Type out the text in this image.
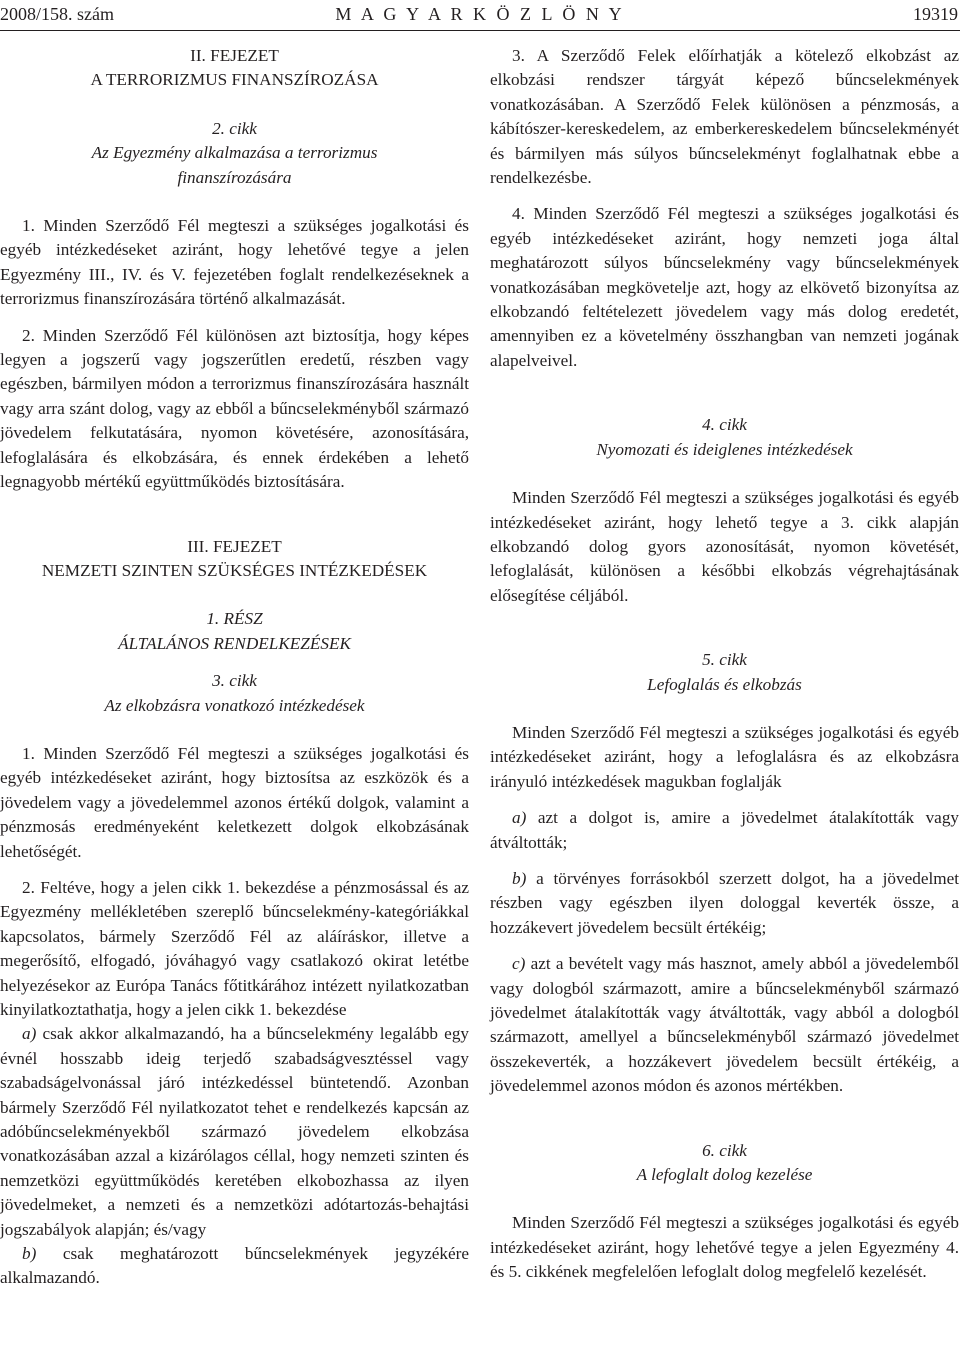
2008/158. szám	M A G Y A R K Ö Z L Ö N Y	19319

II. FEJEZET

A TERRORIZMUS FINANSZÍROZÁSA

2. cikk

Az Egyezmény alkalmazása a terrorizmus finanszírozására

1. Minden Szerződő Fél megteszi a szükséges jogalkotási és egyéb intézkedéseket aziránt, hogy lehetővé tegye a jelen Egyezmény III., IV. és V. fejezetében foglalt rendelkezéseknek a terrorizmus finanszírozására történő alkalmazását.

2. Minden Szerződő Fél különösen azt biztosítja, hogy képes legyen a jogszerű vagy jogszerűtlen eredetű, részben vagy egészben, bármilyen módon a terrorizmus finanszírozására használt vagy arra szánt dolog, vagy az ebből a bűncselekményből származó jövedelem felkutatására, nyomon követésére, azonosítására, lefoglalására és elkobzására, és ennek érdekében a lehető legnagyobb mértékű együttműködés biztosítására.

III. FEJEZET

NEMZETI SZINTEN SZÜKSÉGES INTÉZKEDÉSEK

1. RÉSZ

ÁLTALÁNOS RENDELKEZÉSEK

3. cikk

Az elkobzásra vonatkozó intézkedések

1. Minden Szerződő Fél megteszi a szükséges jogalkotási és egyéb intézkedéseket aziránt, hogy biztosítsa az eszközök és a jövedelem vagy a jövedelemmel azonos értékű dolgok, valamint a pénzmosás eredményeként keletkezett dolgok elkobzásának lehetőségét.

2. Feltéve, hogy a jelen cikk 1. bekezdése a pénzmosással és az Egyezmény mellékletében szereplő bűncselekmény-kategóriákkal kapcsolatos, bármely Szerződő Fél az aláíráskor, illetve a megerősítő, elfogadó, jóváhagyó vagy csatlakozó okirat letétbe helyezésekor az Európa Tanács főtitkárához intézett nyilatkozatban kinyilatkoztathatja, hogy a jelen cikk 1. bekezdése

a) csak akkor alkalmazandó, ha a bűncselekmény legalább egy évnél hosszabb ideig terjedő szabadságvesztéssel vagy szabadságelvonással járó intézkedéssel büntetendő. Azonban bármely Szerződő Fél nyilatkozatot tehet e rendelkezés kapcsán az adóbűncselekményekből származó jövedelem elkobzása vonatkozásában azzal a kizárólagos céllal, hogy nemzeti szinten és nemzetközi együttműködés keretében elkobozhassa az ilyen jövedelmeket, a nemzeti és a nemzetközi adótartozás-behajtási jogszabályok alapján; és/vagy

b) csak meghatározott bűncselekmények jegyzékére alkalmazandó.

3. A Szerződő Felek előírhatják a kötelező elkobzást az elkobzási rendszer tárgyát képező bűncselekmények vonatkozásában. A Szerződő Felek különösen a pénzmosás, a kábítószer-kereskedelem, az emberkereskedelem bűncselekményét és bármilyen más súlyos bűncselekményt foglalhatnak ebbe a rendelkezésbe.

4. Minden Szerződő Fél megteszi a szükséges jogalkotási és egyéb intézkedéseket aziránt, hogy nemzeti joga által meghatározott súlyos bűncselekmény vagy bűncselekmények vonatkozásában megkövetelje azt, hogy az elkövető bizonyítsa az elkobzandó feltételezett jövedelem vagy más dolog eredetét, amennyiben ez a követelmény összhangban van nemzeti jogának alapelveivel.

4. cikk

Nyomozati és ideiglenes intézkedések

Minden Szerződő Fél megteszi a szükséges jogalkotási és egyéb intézkedéseket aziránt, hogy lehető tegye a 3. cikk alapján elkobzandó dolog gyors azonosítását, nyomon követését, lefoglalását, különösen a későbbi elkobzás végrehajtásának elősegítése céljából.

5. cikk

Lefoglalás és elkobzás

Minden Szerződő Fél megteszi a szükséges jogalkotási és egyéb intézkedéseket aziránt, hogy a lefoglalásra és az elkobzásra irányuló intézkedések magukban foglalják

a) azt a dolgot is, amire a jövedelmet átalakították vagy átváltották;

b) a törvényes forrásokból szerzett dolgot, ha a jövedelmet részben vagy egészben ilyen dologgal keverték össze, a hozzákevert jövedelem becsült értékéig;

c) azt a bevételt vagy más hasznot, amely abból a jövedelemből vagy dologból származott, amire a bűncselekményből származó jövedelmet átalakították vagy átváltották, vagy abból a dologból származott, amellyel a bűncselekményből származó jövedelmet összekeverték, a hozzákevert jövedelem becsült értékéig, a jövedelemmel azonos módon és azonos mértékben.

6. cikk

A lefoglalt dolog kezelése

Minden Szerződő Fél megteszi a szükséges jogalkotási és egyéb intézkedéseket aziránt, hogy lehetővé tegye a jelen Egyezmény 4. és 5. cikkének megfelelően lefoglalt dolog megfelelő kezelését.
